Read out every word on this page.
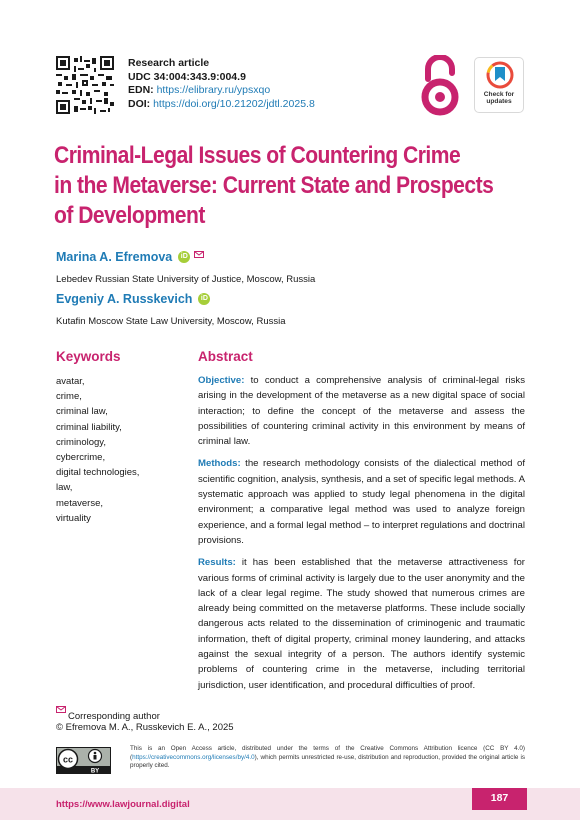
Research article
UDC 34:004:343.9:004.9
EDN: https://elibrary.ru/ypsxqo
DOI: https://doi.org/10.21202/jdtl.2025.8
Check for
updates
Criminal-Legal Issues of Countering Crime
in the Metaverse: Current State and Prospects
of Development
Marina A. Efremova	iD
Lebedev Russian State University of Justice, Moscow, Russia
Evgeniy A. Russkevich	iD
Kutafin Moscow State Law University, Moscow, Russia
Keywords
avatar,
crime,
criminal law,
criminal liability,
criminology,
cybercrime,
digital technologies,
law,
metaverse,
virtuality
Abstract

Objective: to conduct a comprehensive analysis of criminal-legal risks arising in the development of the metaverse as a new digital space of social interaction; to define the concept of the metaverse and assess the possibilities of countering criminal activity in this environment by means of criminal law.

Methods: the research methodology consists of the dialectical method of scientific cognition, analysis, synthesis, and a set of specific legal methods. A systematic approach was applied to study legal phenomena in the digital environment; a comparative legal method was used to analyze foreign experience, and a formal legal method – to interpret regulations and doctrinal provisions.

Results: it has been established that the metaverse attractiveness for various forms of criminal activity is largely due to the user anonymity and the lack of a clear legal regime. The study showed that numerous crimes are already being committed on the metaverse platforms. These include socially dangerous acts related to the dissemination of criminogenic and traumatic information, theft of digital property, criminal money laundering, and attacks against the sexual integrity of a person. The authors identify systemic problems of countering crime in the metaverse, including territorial jurisdiction, user identification, and procedural difficulties of proof.

Corresponding author
© Efremova M. A., Russkevich E. A., 2025
cc
BY
This is an Open Access article, distributed under the terms of the Creative Commons Attribution licence (CC BY 4.0) (https://creativecommons.org/licenses/by/4.0), which permits unrestricted re-use, distribution and reproduction, provided the original article is properly cited.
https://www.lawjournal.digital
187
